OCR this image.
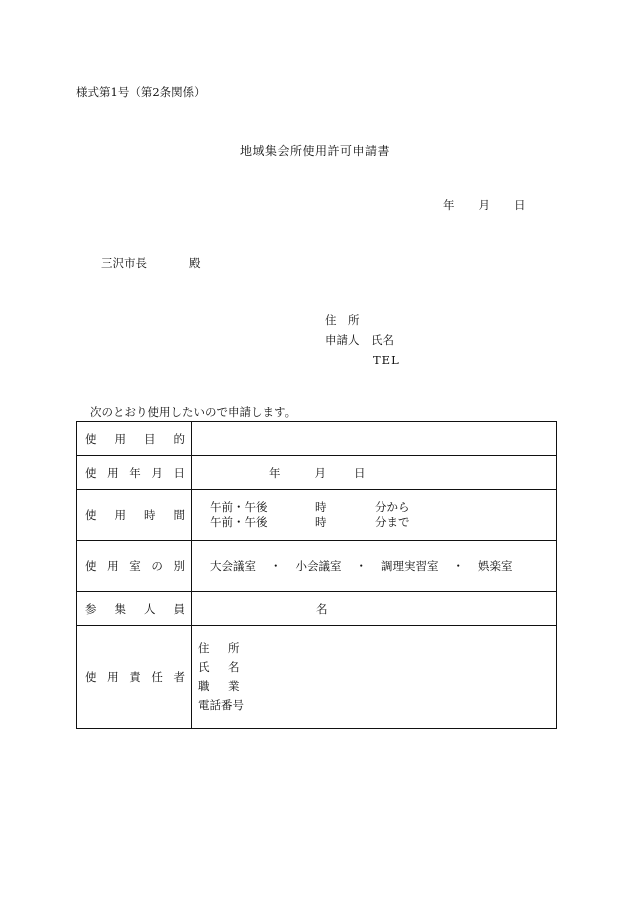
様式第1号（第2条関係）
地域集会所使用許可申請書
年 月 日
三沢市長	殿
住　所
申請人　 氏名
TEL
次のとおり使用したいので申請します。
使 用 目 的	

使 用 年 月 日	年 月 日

使 用 時 間	午前・午後 時 分から
午前・午後 時 分まで

使 用 室 の 別	大会議室 ・ 小会議室 ・ 調理実習室 ・ 娯楽室

参 集 人 員	名

使 用 責 任 者	住 所
氏 名
職 業
電話番号
